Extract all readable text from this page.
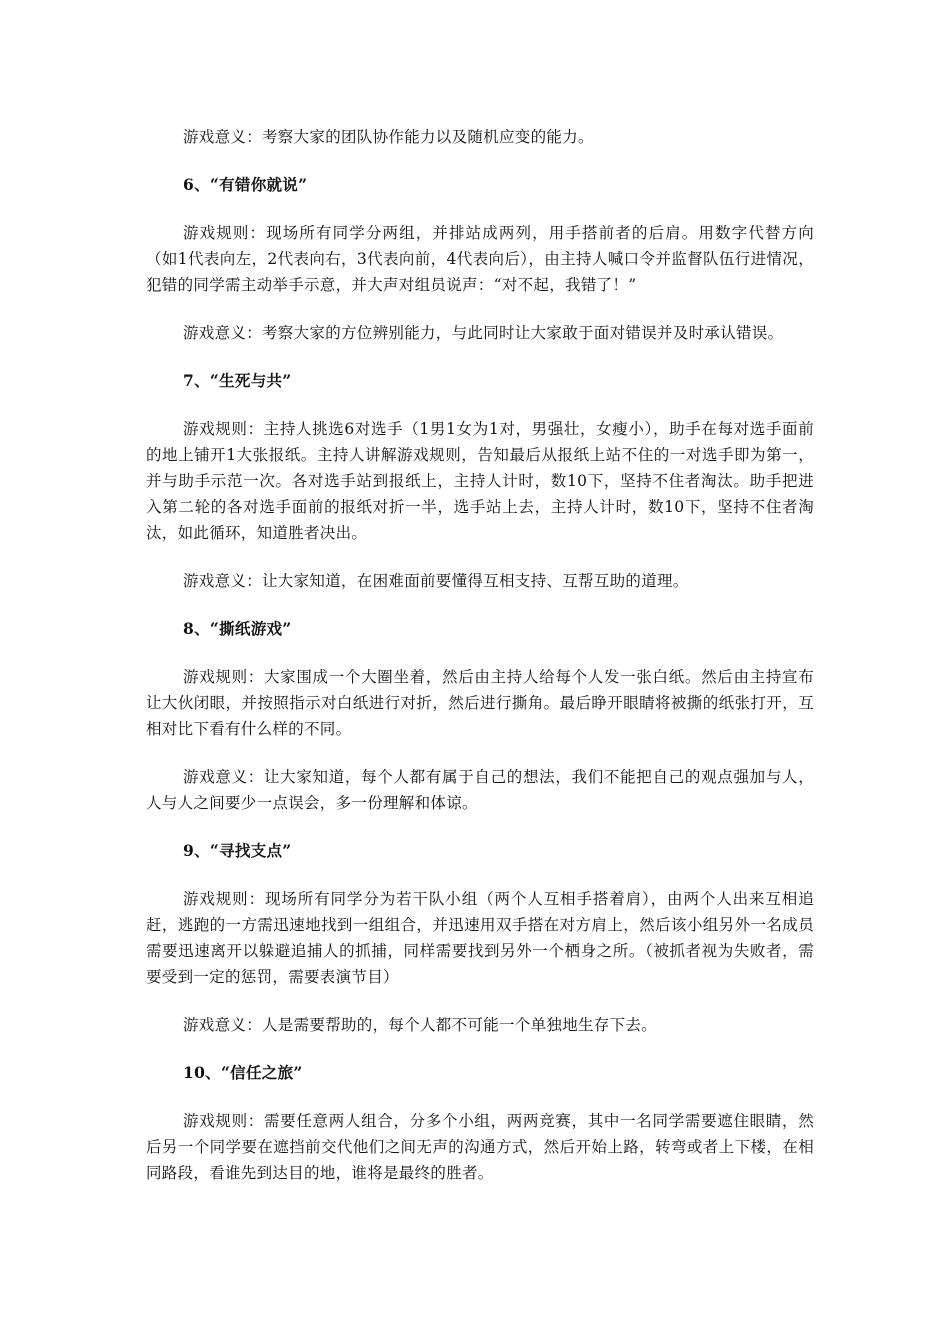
游戏意义：考察大家的团队协作能力以及随机应变的能力。

6、“有错你就说”

游戏规则：现场所有同学分两组，并排站成两列，用手搭前者的后肩。用数字代替方向（如1代表向左，2代表向右，3代表向前，4代表向后），由主持人喊口令并监督队伍行进情况，犯错的同学需主动举手示意，并大声对组员说声：“对不起，我错了！”

游戏意义：考察大家的方位辨别能力，与此同时让大家敢于面对错误并及时承认错误。

7、“生死与共”

游戏规则：主持人挑选6对选手（1男1女为1对，男强壮，女瘦小），助手在每对选手面前的地上铺开1大张报纸。主持人讲解游戏规则，告知最后从报纸上站不住的一对选手即为第一，并与助手示范一次。各对选手站到报纸上，主持人计时，数10下，坚持不住者淘汰。助手把进入第二轮的各对选手面前的报纸对折一半，选手站上去，主持人计时，数10下，坚持不住者淘汰，如此循环，知道胜者决出。

游戏意义：让大家知道，在困难面前要懂得互相支持、互帮互助的道理。

8、“撕纸游戏”

游戏规则：大家围成一个大圈坐着，然后由主持人给每个人发一张白纸。然后由主持宣布让大伙闭眼，并按照指示对白纸进行对折，然后进行撕角。最后睁开眼睛将被撕的纸张打开，互相对比下看有什么样的不同。

游戏意义：让大家知道，每个人都有属于自己的想法，我们不能把自己的观点强加与人，人与人之间要少一点误会，多一份理解和体谅。

9、“寻找支点”

游戏规则：现场所有同学分为若干队小组（两个人互相手搭着肩），由两个人出来互相追赶，逃跑的一方需迅速地找到一组组合，并迅速用双手搭在对方肩上，然后该小组另外一名成员需要迅速离开以躲避追捕人的抓捕，同样需要找到另外一个栖身之所。（被抓者视为失败者，需要受到一定的惩罚，需要表演节目）

游戏意义：人是需要帮助的，每个人都不可能一个单独地生存下去。

10、“信任之旅”

游戏规则：需要任意两人组合，分多个小组，两两竞赛，其中一名同学需要遮住眼睛，然后另一个同学要在遮挡前交代他们之间无声的沟通方式，然后开始上路，转弯或者上下楼，在相同路段，看谁先到达目的地，谁将是最终的胜者。
